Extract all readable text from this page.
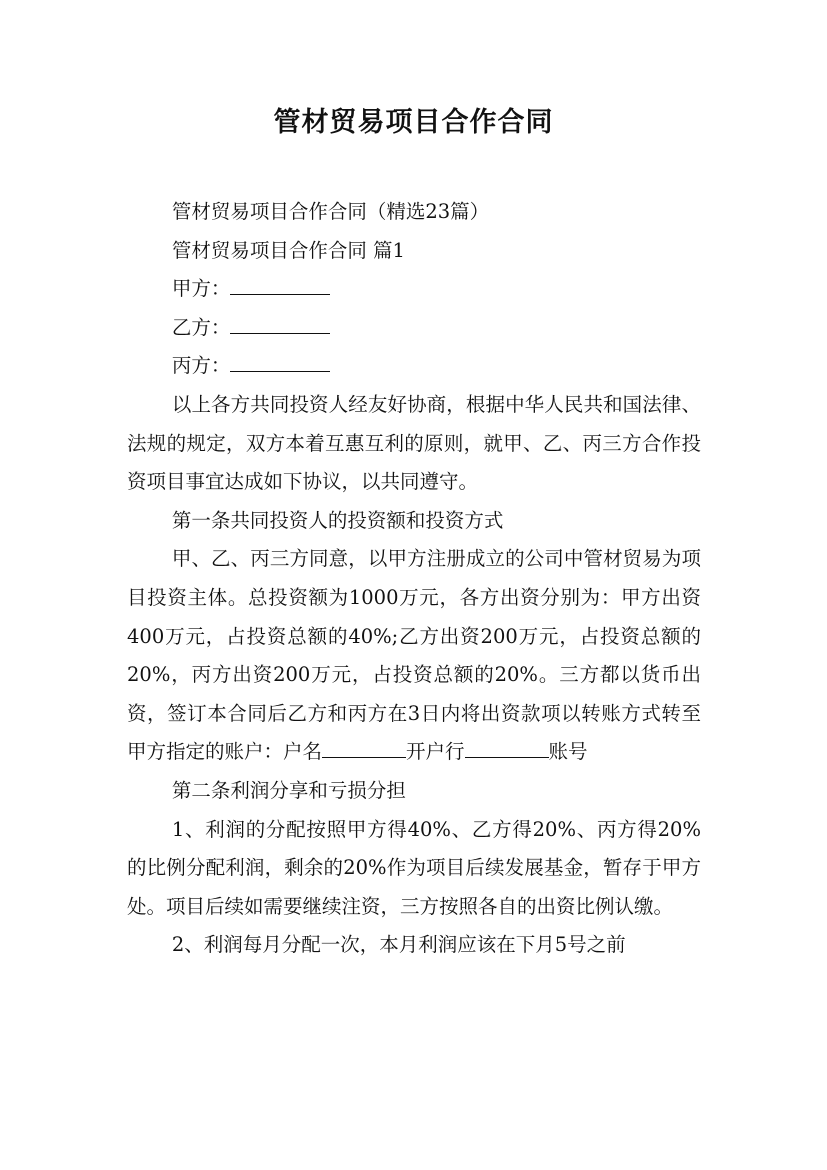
管材贸易项目合作合同

管材贸易项目合作合同（精选23篇）

管材贸易项目合作合同 篇1

甲方：

乙方：

丙方：

以上各方共同投资人经友好协商，根据中华人民共和国法律、法规的规定，双方本着互惠互利的原则，就甲、乙、丙三方合作投资项目事宜达成如下协议，以共同遵守。

第一条共同投资人的投资额和投资方式

甲、乙、丙三方同意，以甲方注册成立的公司中管材贸易为项目投资主体。总投资额为1000万元，各方出资分别为：甲方出资400万元，占投资总额的40%;乙方出资200万元，占投资总额的20%，丙方出资200万元，占投资总额的20%。三方都以货币出资，签订本合同后乙方和丙方在3日内将出资款项以转账方式转至甲方指定的账户：户名	开户行	账号

第二条利润分享和亏损分担

1、利润的分配按照甲方得40%、乙方得20%、丙方得20%的比例分配利润，剩余的20%作为项目后续发展基金，暂存于甲方处。项目后续如需要继续注资，三方按照各自的出资比例认缴。

2、利润每月分配一次，本月利润应该在下月5号之前
